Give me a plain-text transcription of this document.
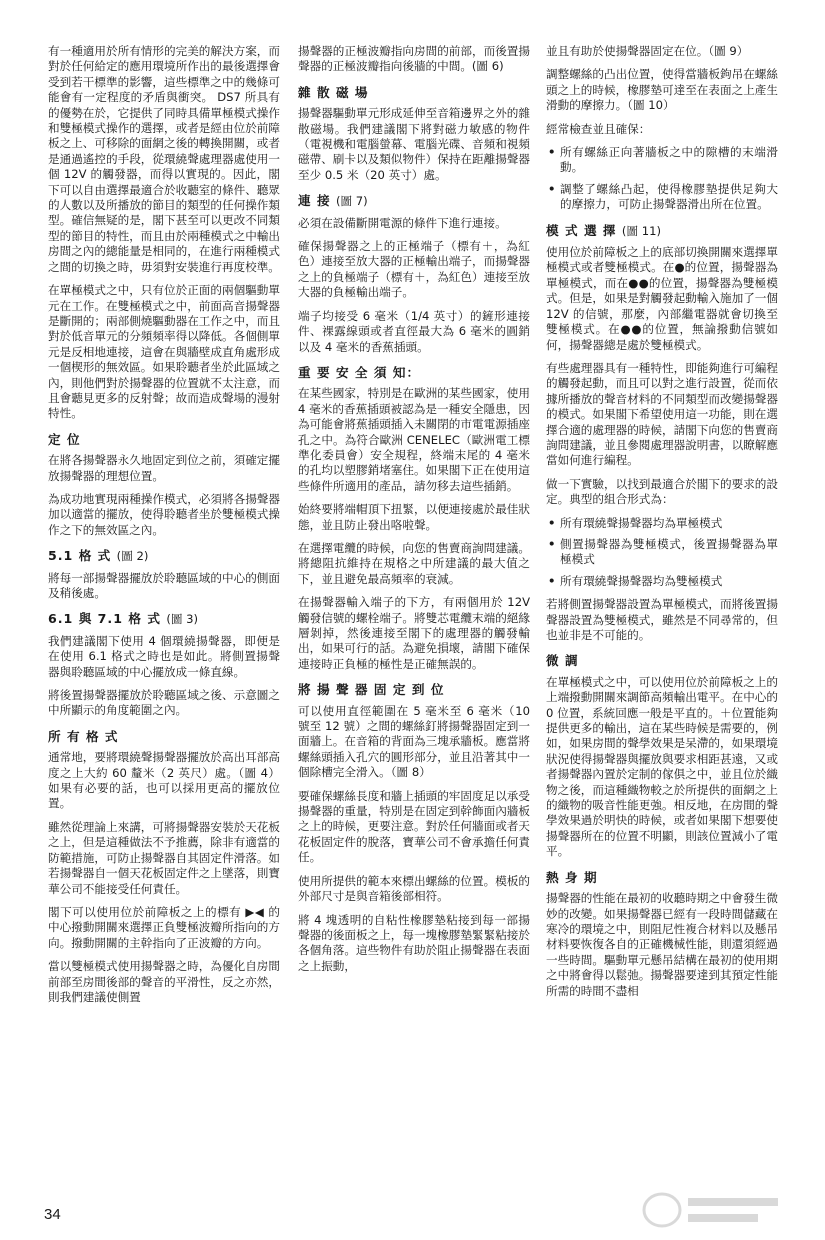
有一種適用於所有情形的完美的解決方案，而對於任何給定的應用環境所作出的最後選擇會受到若干標準的影響，這些標準之中的幾條可能會有一定程度的矛盾與衝突。 DS7 所具有的優勢在於，它提供了同時具備單極模式操作和雙極模式操作的選擇，或者是經由位於前障板之上、可移除的面網之後的轉換開關，或者是通過遙控的手段，從環繞聲處理器處使用一個 12V 的觸發器，而得以實現的。因此，閣下可以自由選擇最適合於收聽室的條件、聽眾的人數以及所播放的節目的類型的任何操作類型。確信無疑的是，閣下甚至可以更改不同類型的節目的特性，而且由於兩種模式之中輸出房間之內的總能量是相同的，在進行兩種模式之間的切換之時，毋須對安裝進行再度校準。

在單極模式之中，只有位於正面的兩個驅動單元在工作。在雙極模式之中，前面高音揚聲器是斷開的；兩部側燒驅動器在工作之中，而且對於低音單元的分頻頻率得以降低。各個側單元是反相地連接，這會在與牆壁成直角處形成一個楔形的無效區。如果聆聽者坐於此區域之內，則他們對於揚聲器的位置就不太注意，而且會聽見更多的反射聲；故而造成聲場的漫射特性。

定 位

在將各揚聲器永久地固定到位之前，須確定擺放揚聲器的理想位置。

為成功地實現兩種操作模式，必須將各揚聲器加以適當的擺放，使得聆聽者坐於雙極模式操作之下的無效區之內。

5.1 格 式 (圖 2)

將每一部揚聲器擺放於聆聽區域的中心的側面及稍後處。

6.1 與 7.1 格 式 (圖 3)

我們建議閣下使用 4 個環繞揚聲器，即便是在使用 6.1 格式之時也是如此。將側置揚聲器與聆聽區域的中心擺放成一條直線。

將後置揚聲器擺放於聆聽區域之後、示意圖之中所顯示的角度範圍之內。

所 有 格 式

通常地，要將環繞聲揚聲器擺放於高出耳部高度之上大約 60 釐米（2 英尺）處。（圖 4）如果有必要的話，也可以採用更高的擺放位置。

雖然從理論上來講，可將揚聲器安裝於天花板之上，但是這種做法不予推薦，除非有適當的防範措施，可防止揚聲器自其固定件滑落。如若揚聲器自一個天花板固定件之上墜落，則寶華公司不能接受任何責任。

閣下可以使用位於前障板之上的標有 ▶◀ 的中心撥動開關來選擇正負雙極波瓣所指向的方向。撥動開關的主幹指向了正波瓣的方向。

當以雙極模式使用揚聲器之時，為優化自房間前部至房間後部的聲音的平滑性，反之亦然，則我們建議使側置

揚聲器的正極波瓣指向房間的前部，而後置揚聲器的正極波瓣指向後牆的中間。(圖 6)

雜 散 磁 場

揚聲器驅動單元形成延伸至音箱邊界之外的雜散磁場。我們建議閣下將對磁力敏感的物件（電視機和電腦螢幕、電腦光碟、音頻和視頻磁帶、刷卡以及類似物件）保持在距離揚聲器至少 0.5 米（20 英寸）處。

連 接 (圖 7)

必須在設備斷開電源的條件下進行連接。

確保揚聲器之上的正極端子（標有＋，為紅色）連接至放大器的正極輸出端子，而揚聲器之上的負極端子（標有＋，為紅色）連接至放大器的負極輸出端子。

端子均接受 6 毫米（1/4 英寸）的鏟形連接件、裸露線頭或者直徑最大為 6 毫米的圓銷以及 4 毫米的香蕉插頭。

重 要 安 全 須 知：

在某些國家，特別是在歐洲的某些國家，使用 4 毫米的香蕉插頭被認為是一種安全隱患，因為可能會將蕉插頭插入未關閉的市電電源插座孔之中。為符合歐洲 CENELEC（歐洲電工標準化委員會）安全規程，終端末尾的 4 毫米的孔均以塑膠銷堵塞住。如果閣下正在使用這些條件所適用的產品，請勿移去這些插銷。

始終要將端帽頂下扭緊，以便連接處於最佳狀態，並且防止發出咯啦聲。

在選擇電纜的時候，向您的售賣商詢問建議。將總阻抗維持在規格之中所建議的最大值之下，並且避免最高頻率的衰減。

在揚聲器輸入端子的下方，有兩個用於 12V 觸發信號的螺栓端子。將雙芯電纜末端的絕緣層剝掉，然後連接至閣下的處理器的觸發輸出，如果可行的話。為避免損壞，請閣下確保連接時正負極的極性是正確無誤的。

將 揚 聲 器 固 定 到 位

可以使用直徑範圍在 5 毫米至 6 毫米（10 號至 12 號）之間的螺絲釘將揚聲器固定到一面牆上。在音箱的背面為三塊承牆板。應當將螺絲頭插入孔穴的圓形部分，並且沿著其中一個除槽完全滑入。（圖 8）

要確保螺絲長度和牆上插頭的牢固度足以承受揚聲器的重量，特別是在固定到幹飾面內牆板之上的時候，更要注意。對於任何牆面或者天花板固定件的脫落，寶華公司不會承擔任何責任。

使用所提供的範本來標出螺絲的位置。模板的外部尺寸是與音箱後部相符。

將 4 塊透明的自粘性橡膠墊粘接到每一部揚聲器的後面板之上，每一塊橡膠墊緊緊粘接於各個角落。這些物件有助於阻止揚聲器在表面之上振動，

並且有助於使揚聲器固定在位。（圖 9）

調整螺絲的凸出位置，使得當牆板鉤吊在螺絲頭之上的時候，橡膠墊可達至在表面之上產生滑動的摩擦力。（圖 10）

經常檢查並且確保：

• 所有螺絲正向著牆板之中的隙槽的末端滑動。
• 調整了螺絲凸起，使得橡膠墊提供足夠大的摩擦力，可防止揚聲器滑出所在位置。
模 式 選 擇 (圖 11)

使用位於前障板之上的底部切換開關來選擇單極模式或者雙極模式。在●的位置，揚聲器為單極模式，而在●●的位置，揚聲器為雙極模式。但是，如果是對觸發起動輸入施加了一個 12V 的信號，那麼，內部繼電器就會切換至雙極模式。在●●的位置，無論撥動信號如何，揚聲器總是處於雙極模式。

有些處理器具有一種特性，即能夠進行可編程的觸發起動，而且可以對之進行設置，從而依據所播放的聲音材料的不同類型而改變揚聲器的模式。如果閣下希望使用這一功能，則在選擇合適的處理器的時候，請閣下向您的售賣商詢問建議，並且參閱處理器說明書，以瞭解應當如何進行編程。

做一下實驗，以找到最適合於閣下的要求的設定。典型的組合形式為：

• 所有環繞聲揚聲器均為單極模式
• 側置揚聲器為雙極模式，後置揚聲器為單極模式
• 所有環繞聲揚聲器均為雙極模式

若將側置揚聲器設置為單極模式，而將後置揚聲器設置為雙極模式，雖然是不同尋常的，但也並非是不可能的。

微 調

在單極模式之中，可以使用位於前障板之上的上端撥動開關來調節高頻輸出電平。在中心的 0 位置，系統回應一般是平直的。＋位置能夠提供更多的輸出，這在某些時候是需要的，例如，如果房間的聲學效果是呆滯的，如果環境狀況使得揚聲器與擺放與要求相距甚遠，又或者揚聲器內置於定制的傢俱之中，並且位於織物之後，而這種織物較之於所提供的面網之上的織物的吸音性能更強。相反地，在房間的聲學效果過於明快的時候，或者如果閣下想要使揚聲器所在的位置不明顯，則該位置減小了電平。

熱 身 期

揚聲器的性能在最初的收聽時期之中會發生微妙的改變。如果揚聲器已經有一段時間儲藏在寒冷的環境之中，則阻尼性複合材料以及懸吊材料要恢復各自的正確機械性能，則還須經過一些時間。驅動單元懸吊結構在最初的使用期之中將會得以鬆弛。揚聲器要達到其預定性能所需的時間不盡相

34
